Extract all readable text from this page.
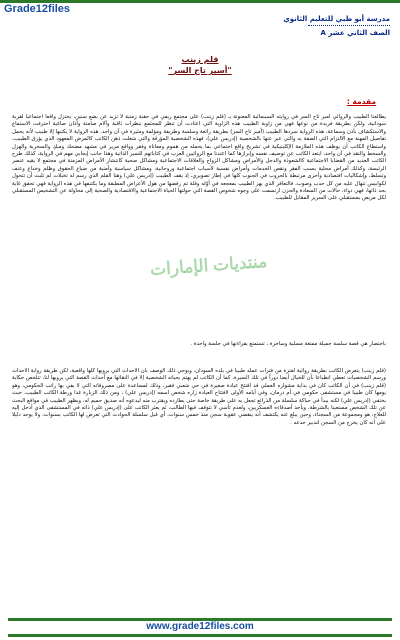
Grade12files
مدرسة أبو ظبي للتعليم الثانوي
الصف الثاني عشر A
قلم زينب
"أسير تاج السر"
مقدمة :
يطالعنا الطبيب والروائي أمير تاج السر في روايته السينمائية المعنونة بـ (قلم زينب) على مجتمع ريفي في حقبة زمنية لا تزيد عن بضع سنين، يختزل واقعا اجتماعيا لقرية سودانية، ولكن بطريقة فريدة من نوعها فهي من زاوية الطبيب هذه الزاوية التي اعتادت أن تنظر للمجتمع بنظرات ثاقبة وآلام صامتة وأذان صاغية احترفت الاستماع والاستكشاف بأذن وسماعة، هذه الرواية سردها الطبيب (أمير تاج السر) بطريقة رائعة وسلسة وطريفة ومؤلمة ومثيرة في آن واحد. هذه الرواية لا يكتبها إلا طبيب لأنه يحمل تفاصيل المهنة مع الالتزام التي الصفة به والتي عبر عنها بالشخصية (إدريس علي)، فهذه الشخصية المؤرقة والتي شغلت ذهن الكاتب كالمرض المعهود الذي يؤرق الطبيب، واستطاع الكاتب أن يوظف هذه الملازمة الإكلينيكية في تشريح واقع اجتماعي بما يحمله من هموم ومعاناة وفقر وواقع مرير في مشهد مضحك ومبكٍ والسخرية والهزل والسخط والنقد في آن واحد، ابتعد الكاتب عن توصيف نفسه وإبرازها كما اعتدنا مع الروائيين العرب في كتاباتهم للسير الذاتية وهذا جانب إيجابي مهم في الرواية، كذلك طرح الكاتب العديد من القضايا الاجتماعية كالشعوذة والدجل والأمراض ومشاكل الزواج والعلاقات الاجتماعية ومشاكل صحية كانتشار الأمراض المزمنة في مجتمع لا يقيه عنصر الرئيسة، وكذلك أمراض محلية بسبب الفقر ونقص الخدمات وأمراض نفسية لأسباب اجتماعية وروحانية، ومشاكل سياسية وأمنية من ضياع الحقوق وظلم وخداع وعنف وتسلط، وإشكاليات اقتصادية وأخرى مرتبطة بالحروب في الجنوب كلها في إطار تصويري، إذ يقف الطبيب (إدريس علي) وهنا القلم الذي رسم له تخيلات لم تلبث أن تتحول لكوابيس تنهال عليه من كل حدب وصوب، فالتعافر الذي يهز الطبيب بمعجعه في أوّله وقلة تم رفضها من هول الأعراض المطبقة وما يكتنفها في هذه الرواية فهي تحقق غاية بحد ذاتها، فهي دواء، حالات من السعادة والحزن ارتسمت على وجوه شخوص القصة التي حولتها الحياة الاجتماعية والاقتصادية والصحية إلى محاولة عن التشخيص المستقبلي لكل مريض بمستقبلي على السرير المقابل للطبيب.
منتديات الإمارات
باختصار هي قصة سلسة جميلة ممتعة مسلية وساخرة ، تستمتع بقراءتها في جلسة واحدة .
(قلم زينب) يتعرض الكاتب بطريقة روائية لفترة من فترات عمله طبيبا في بلده السودان، ويوحي ذلك الوصف بأن الأحداث التي يرويها كلها واقعية، لكن طريقة رواية الأحداث ورسم الشخصيات تعطي انطباعا بأن للخيال أيضا دوراً في تلك السيرة، كما أن الكاتب لم يهتم بحياته الشخصية إلا في النقائها مع أحداث القصة التي يرويها لنا، تتلخص حكاية (قلم زينب) في أن الكاتب كان في بداية مشواره العملي قد افتتح عيادة صغيرة في حي شعبي فقير، وذلك لمساعدة على مصروفاته التي لا يفي بها راتب الحكومي، وهو يومها كان طبيبا في مستشفى حكومي في أم درمان، وفي أيامه الأولى لافتتاح العيادة زاره شخص اسمه (إدريس علي) ، ومن ذلك الزيارة غدا ورطة الكاتب الطبيب، حيث يختفي (إدريس علي) لكنه يبدأ في حياكة سلسلة من الذرائع تجعل به على طريقة خاصة حتى يطارده ويقترب منه ليدعوه أنه صديق حميم له، ويظهر الطبيب في مواقع البحث عن تلك الشخص مستعينا بالشرطة، ويأخذ أصدقاءه العسكريين، ولعدم تأسي لا تتوقف فيها الطالب، ثم يعثر الكاتب على (إدريس علي) ذاته في المستشفى الذي أدخل إليه للعلاج، هو ومجموعة من السجناء، وحين يبلغ عنه يكتشف أنه ينقضي عقوبة سجن منذ خمس سنوات، أي قبل سلسلة الحوادث التي تعرض لها الكاتب بسنوات، ولا يوجد دليلا على أنه كان يخرج من السجن لتدبير خدعه .
www.grade12files.com
